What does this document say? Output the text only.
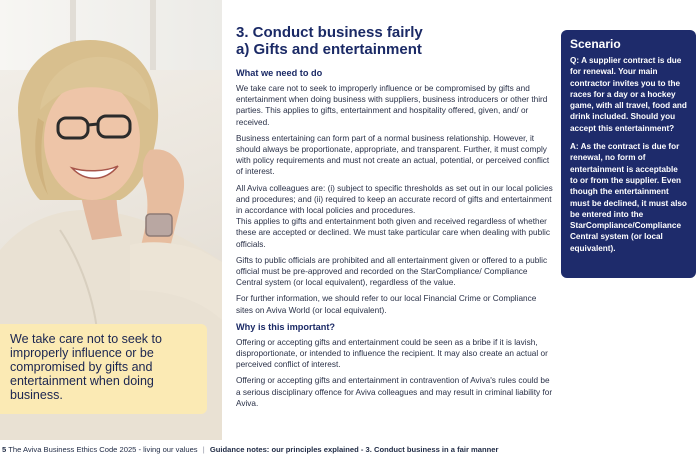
We take care not to seek to improperly influence or be compromised by gifts and entertainment when doing business.

3. Conduct business fairly
a) Gifts and entertainment
What we need to do

We take care not to seek to improperly influence or be compromised by gifts and entertainment when doing business with suppliers, business introducers or other third parties. This applies to gifts, entertainment and hospitality offered, given, and/ or received.

Business entertaining can form part of a normal business relationship. However, it should always be proportionate, appropriate, and transparent. Further, it must comply with policy requirements and must not create an actual, potential, or perceived conflict of interest.

All Aviva colleagues are: (i) subject to specific thresholds as set out in our local policies and procedures; and (ii) required to keep an accurate record of gifts and entertainment in accordance with local policies and procedures.

This applies to gifts and entertainment both given and received regardless of whether these are accepted or declined. We must take particular care when dealing with public officials.

Gifts to public officials are prohibited and all entertainment given or offered to a public official must be pre-approved and recorded on the StarCompliance/ Compliance Central system (or local equivalent), regardless of the value.

For further information, we should refer to our local Financial Crime or Compliance sites on Aviva World (or local equivalent).

Why is this important?

Offering or accepting gifts and entertainment could be seen as a bribe if it is lavish, disproportionate, or intended to influence the recipient. It may also create an actual or perceived conflict of interest.

Offering or accepting gifts and entertainment in contravention of Aviva's rules could be a serious disciplinary offence for Aviva colleagues and may result in criminal liability for Aviva.

Scenario

Q: A supplier contract is due for renewal. Your main contractor invites you to the races for a day or a hockey game, with all travel, food and drink included. Should you accept this entertainment?

A: As the contract is due for renewal, no form of entertainment is acceptable to or from the supplier. Even though the entertainment must be declined, it must also be entered into the StarCompliance/Compliance Central system (or local equivalent).

5 The Aviva Business Ethics Code 2025 - living our values | Guidance notes: our principles explained - 3. Conduct business in a fair manner
